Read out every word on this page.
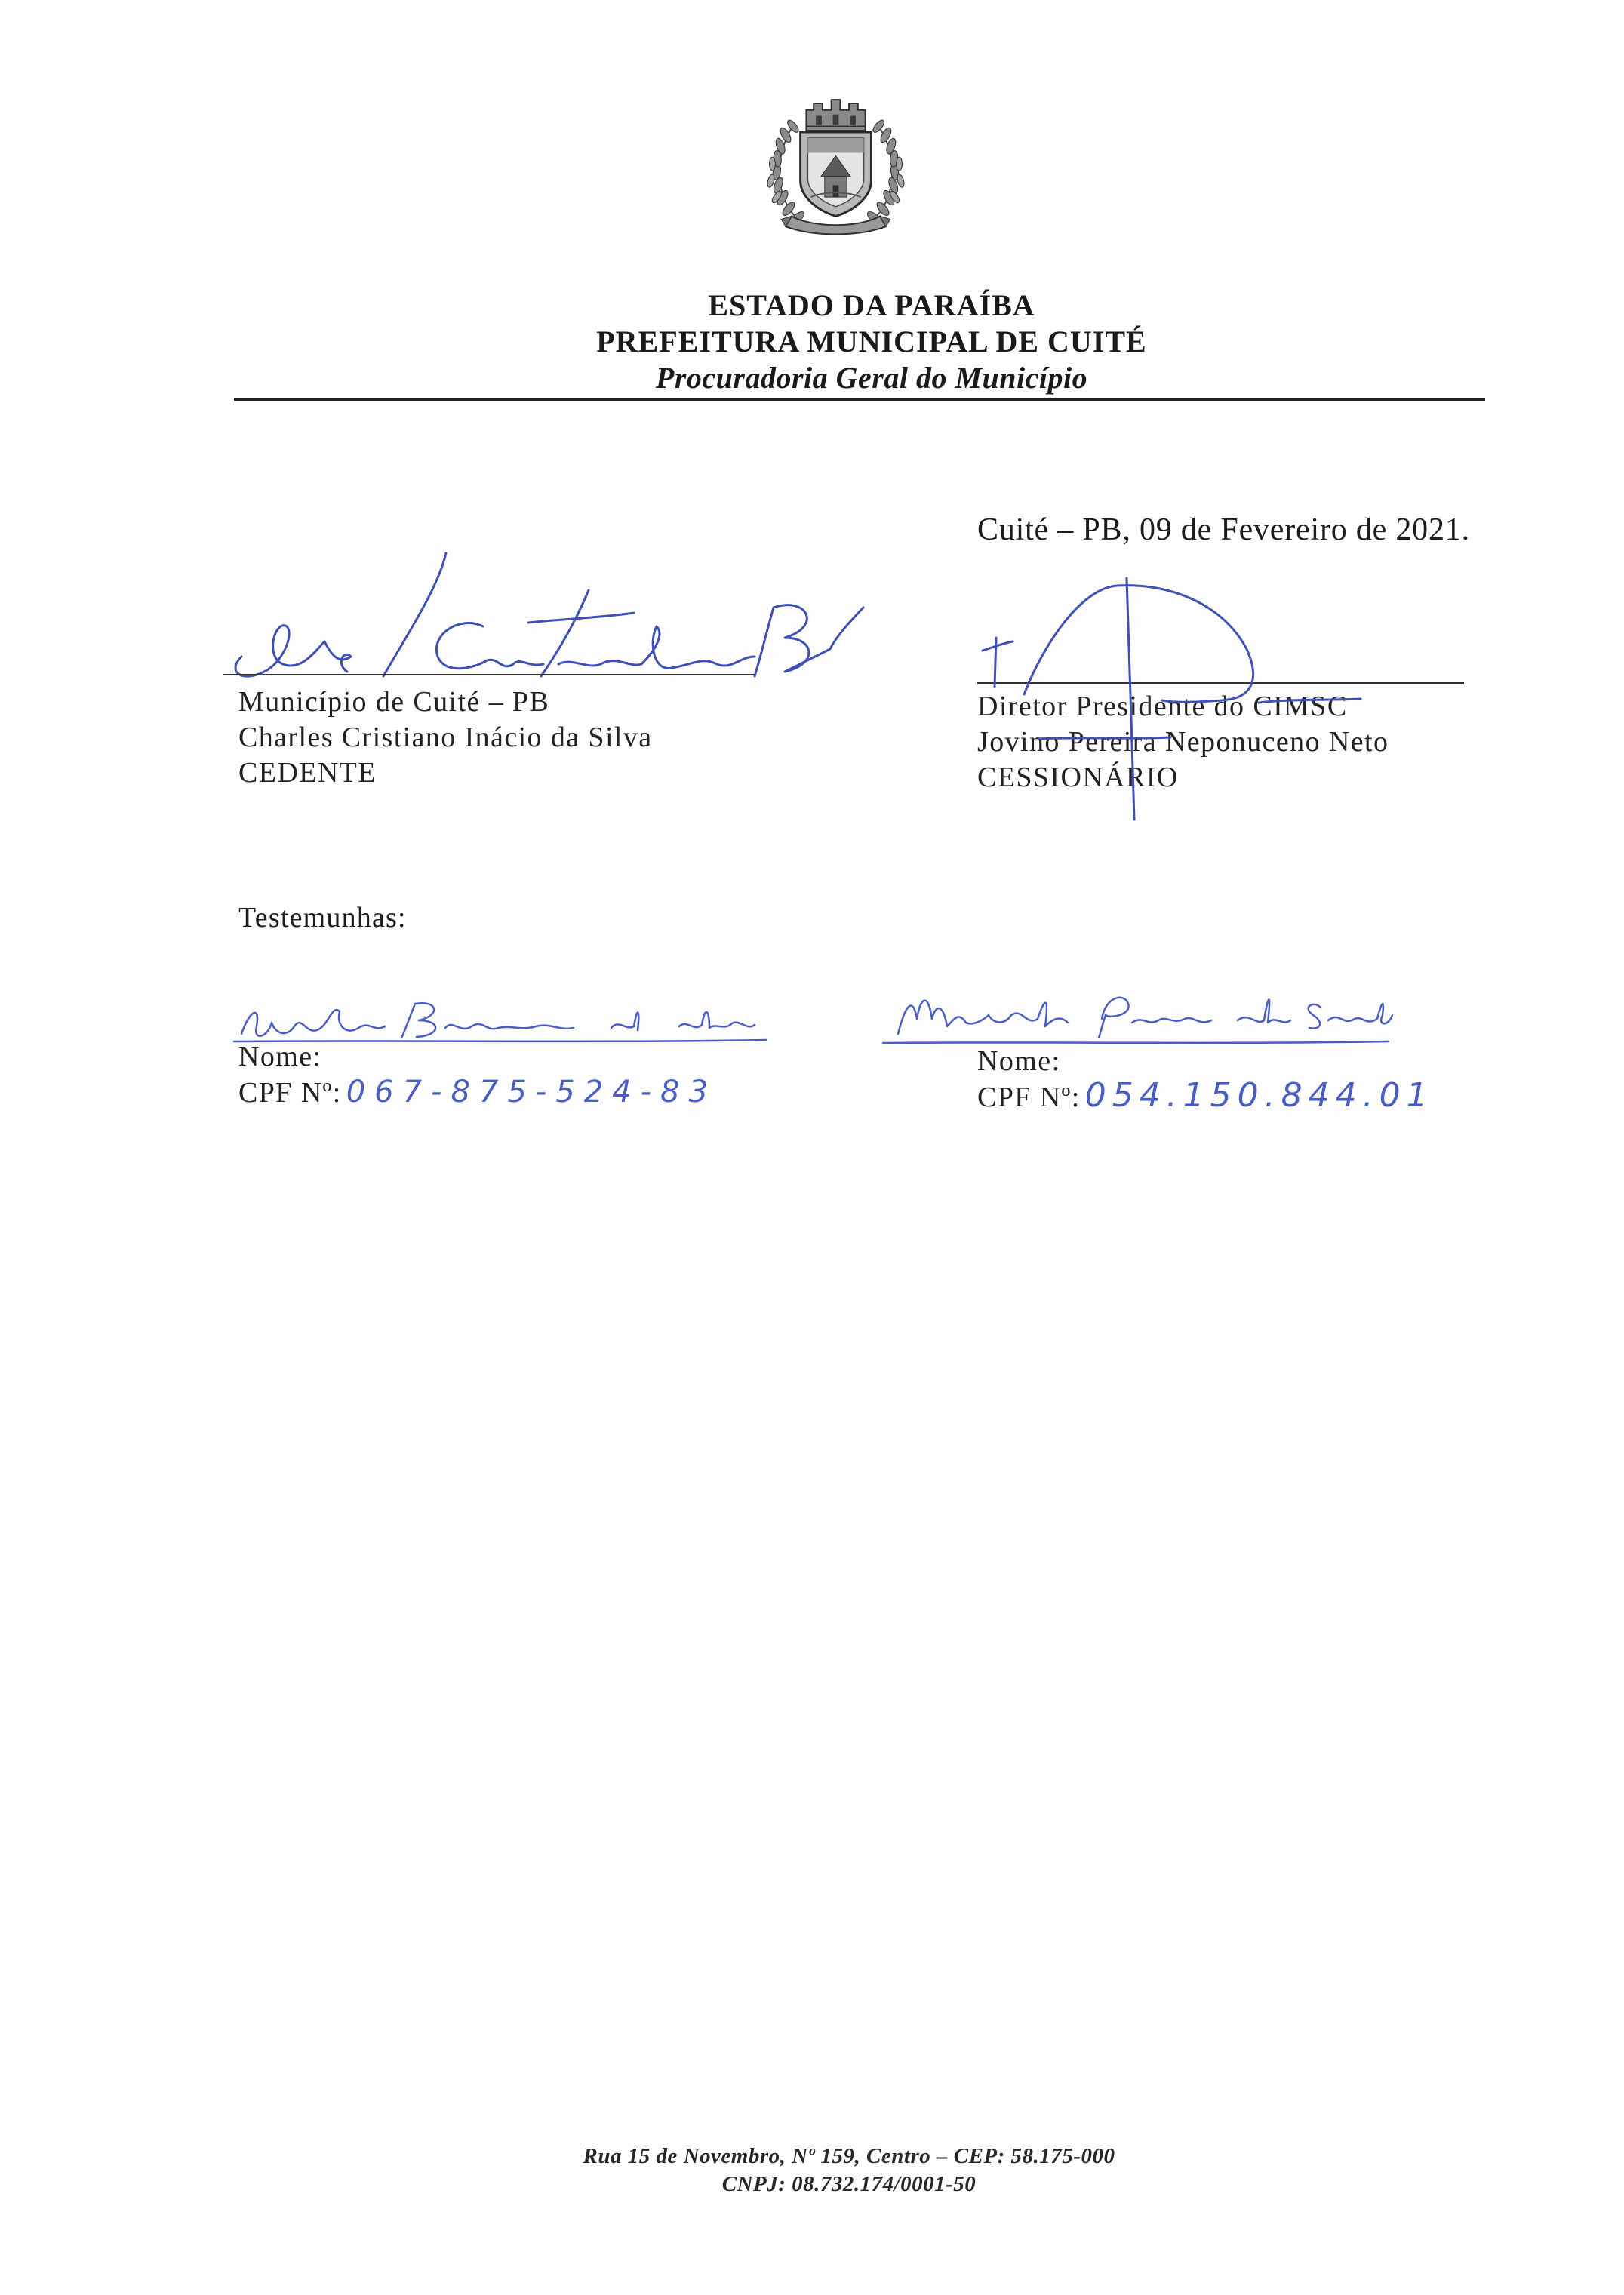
ESTADO DA PARAÍBA
PREFEITURA MUNICIPAL DE CUITÉ
Procuradoria Geral do Município
Cuité – PB, 09 de Fevereiro de 2021.
Município de Cuité – PB
Charles Cristiano Inácio da Silva
CEDENTE
Diretor Presidente do CIMSC
Jovino Pereira Neponuceno Neto
CESSIONÁRIO
Testemunhas:
Nome:
CPF Nº: 067-875-524-83
Nome:
CPF Nº: 054.150.844.01
Rua 15 de Novembro, Nº 159, Centro – CEP: 58.175-000
CNPJ: 08.732.174/0001-50
